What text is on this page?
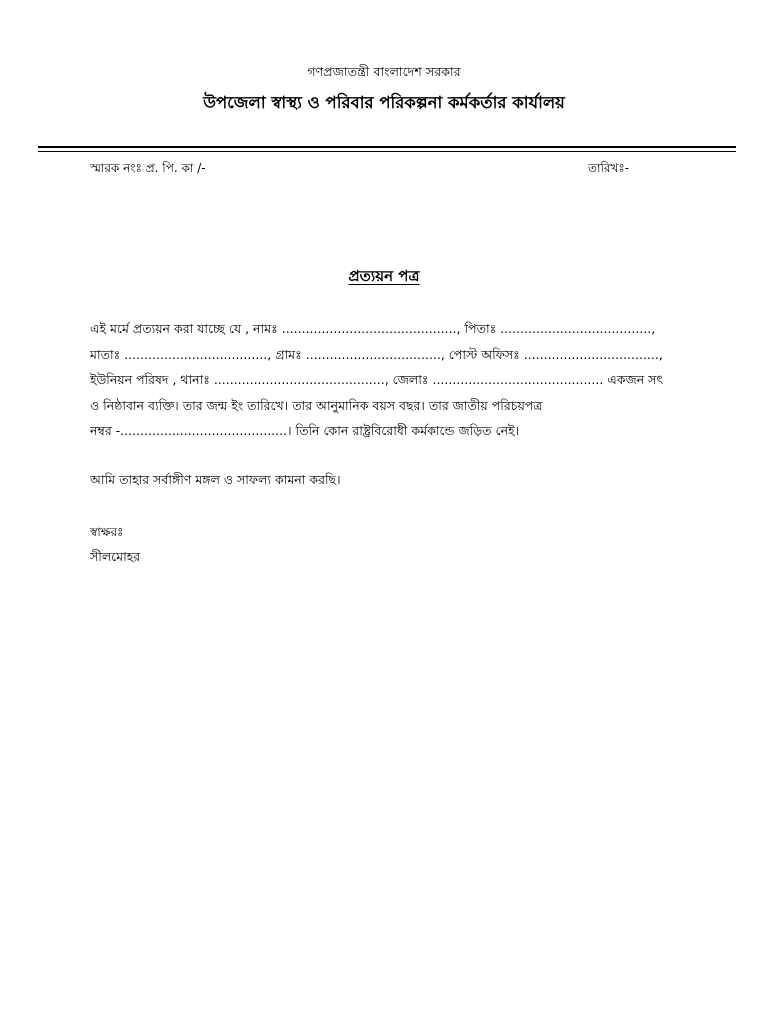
গণপ্রজাতন্ত্রী বাংলাদেশ সরকার
উপজেলা স্বাস্থ্য ও পরিবার পরিকল্পনা কর্মকর্তার কার্যালয়
স্মারক নংঃ প্র. পি. কা /-	তারিখঃ-
প্রত্যয়ন পত্র
এই মর্মে প্রত্যয়ন করা যাচ্ছে যে , নামঃ ............................................, পিতাঃ ......................................,
মাতাঃ ...................................., গ্রামঃ .................................., পোস্ট অফিসঃ ..................................,
ইউনিয়ন পরিষদ , থানাঃ ..........................................., জেলাঃ ........................................... একজন সৎ
ও নিষ্ঠাবান ব্যক্তি। তার জন্ম ইং তারিখে। তার আনুমানিক বয়স বছর। তার জাতীয় পরিচয়পত্র
নম্বর -..........................................। তিনি কোন রাষ্ট্রবিরোধী কর্মকান্ডে জড়িত নেই।
আমি তাহার সর্বাঙ্গীণ মঙ্গল ও সাফল্য কামনা করছি।
স্বাক্ষরঃ
সীলমোহর
